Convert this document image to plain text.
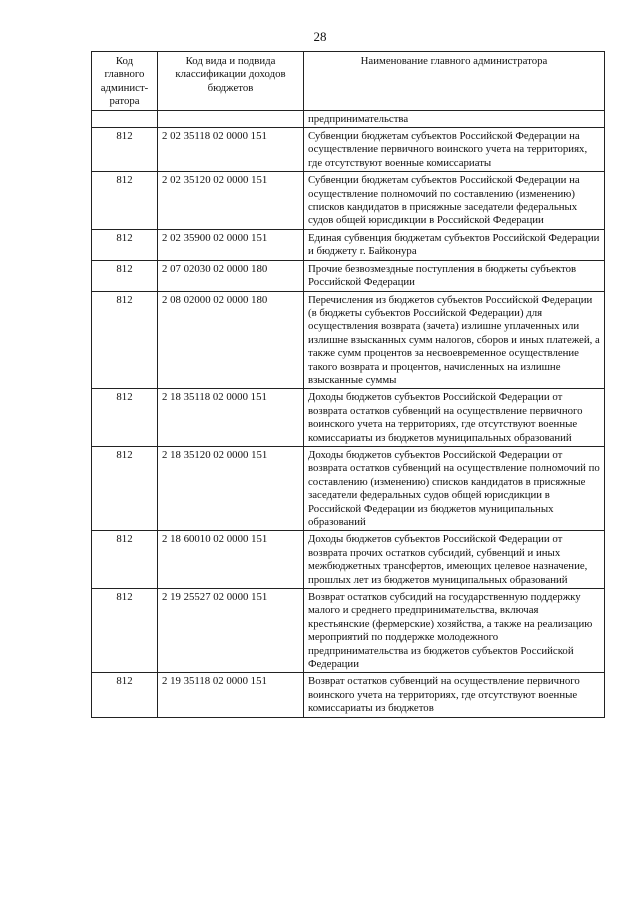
28
Код главного админист-ратора	Код вида и подвида классификации доходов бюджетов	Наименование главного администратора

		предпринимательства
812	2 02 35118 02 0000 151	Субвенции бюджетам субъектов Российской Федерации на осуществление первичного воинского учета на территориях, где отсутствуют военные комиссариаты
812	2 02 35120 02 0000 151	Субвенции бюджетам субъектов Российской Федерации на осуществление полномочий по составлению (изменению) списков кандидатов в присяжные заседатели федеральных судов общей юрисдикции в Российской Федерации
812	2 02 35900 02 0000 151	Единая субвенция бюджетам субъектов Российской Федерации и бюджету г. Байконура
812	2 07 02030 02 0000 180	Прочие безвозмездные поступления в бюджеты субъектов Российской Федерации
812	2 08 02000 02 0000 180	Перечисления из бюджетов субъектов Российской Федерации (в бюджеты субъектов Российской Федерации) для осуществления возврата (зачета) излишне уплаченных или излишне взысканных сумм налогов, сборов и иных платежей, а также сумм процентов за несвоевременное осуществление такого возврата и процентов, начисленных на излишне взысканные суммы
812	2 18 35118 02 0000 151	Доходы бюджетов субъектов Российской Федерации от возврата остатков субвенций на осуществление первичного воинского учета на территориях, где отсутствуют военные комиссариаты из бюджетов муниципальных образований
812	2 18 35120 02 0000 151	Доходы бюджетов субъектов Российской Федерации от возврата остатков субвенций на осуществление полномочий по составлению (изменению) списков кандидатов в присяжные заседатели федеральных судов общей юрисдикции в Российской Федерации из бюджетов муниципальных образований
812	2 18 60010 02 0000 151	Доходы бюджетов субъектов Российской Федерации от возврата прочих остатков субсидий, субвенций и иных межбюджетных трансфертов, имеющих целевое назначение, прошлых лет из бюджетов муниципальных образований
812	2 19 25527 02 0000 151	Возврат остатков субсидий на государственную поддержку малого и среднего предпринимательства, включая крестьянские (фермерские) хозяйства, а также на реализацию мероприятий по поддержке молодежного предпринимательства из бюджетов субъектов Российской Федерации
812	2 19 35118 02 0000 151	Возврат остатков субвенций на осуществление первичного воинского учета на территориях, где отсутствуют военные комиссариаты из бюджетов
